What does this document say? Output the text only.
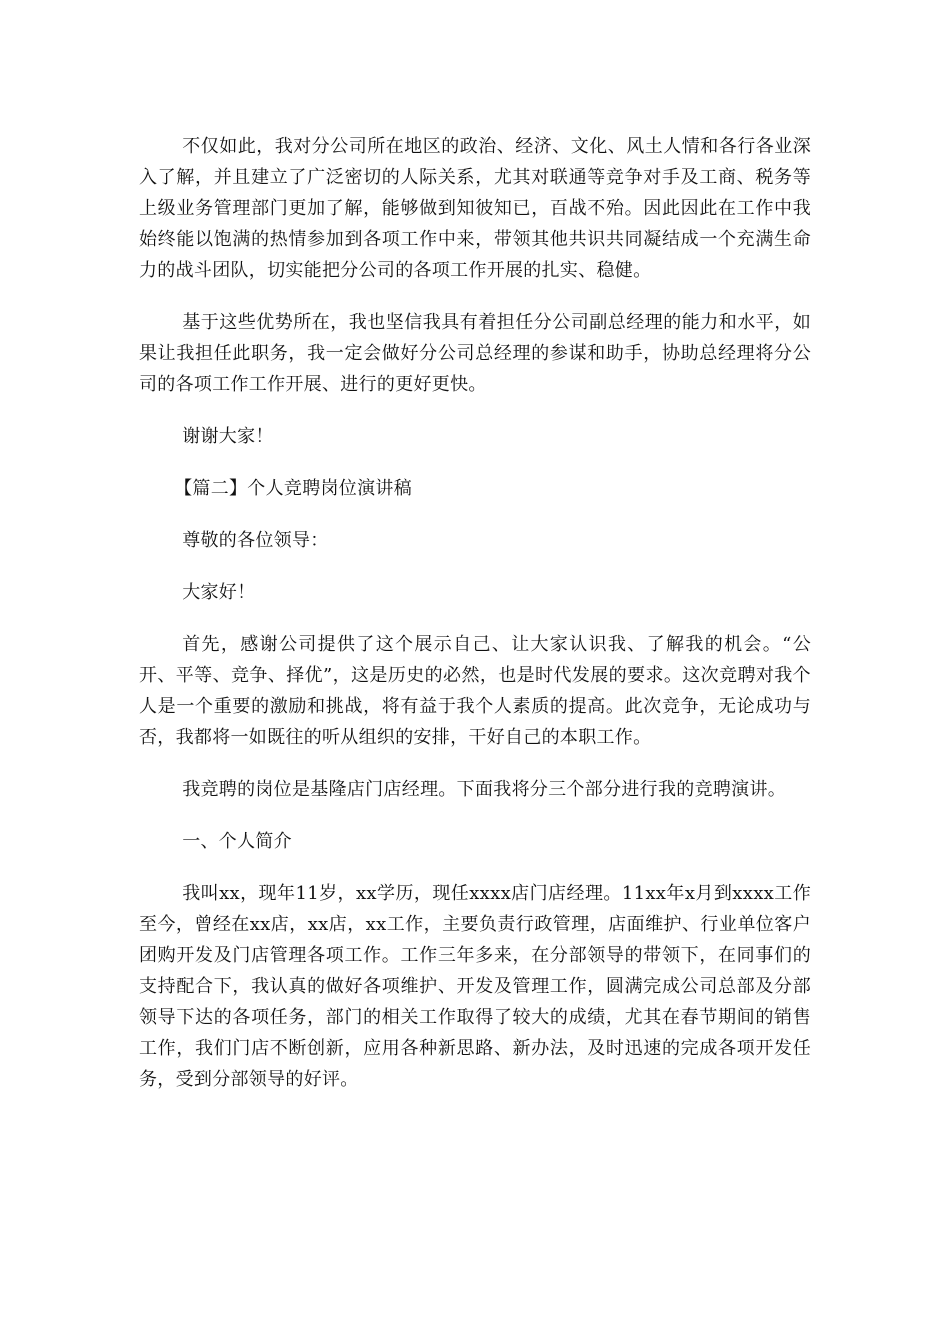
不仅如此，我对分公司所在地区的政治、经济、文化、风土人情和各行各业深入了解，并且建立了广泛密切的人际关系，尤其对联通等竞争对手及工商、税务等上级业务管理部门更加了解，能够做到知彼知已，百战不殆。因此因此在工作中我始终能以饱满的热情参加到各项工作中来，带领其他共识共同凝结成一个充满生命力的战斗团队，切实能把分公司的各项工作开展的扎实、稳健。

基于这些优势所在，我也坚信我具有着担任分公司副总经理的能力和水平，如果让我担任此职务，我一定会做好分公司总经理的参谋和助手，协助总经理将分公司的各项工作工作开展、进行的更好更快。

谢谢大家！

【篇二】个人竞聘岗位演讲稿

尊敬的各位领导：

大家好！

首先，感谢公司提供了这个展示自己、让大家认识我、了解我的机会。“公开、平等、竞争、择优”，这是历史的必然，也是时代发展的要求。这次竞聘对我个人是一个重要的激励和挑战，将有益于我个人素质的提高。此次竞争，无论成功与否，我都将一如既往的听从组织的安排，干好自己的本职工作。

我竞聘的岗位是基隆店门店经理。下面我将分三个部分进行我的竞聘演讲。

一、个人简介

我叫xx，现年11岁，xx学历，现任xxxx店门店经理。11xx年x月到xxxx工作至今，曾经在xx店，xx店，xx工作，主要负责行政管理，店面维护、行业单位客户团购开发及门店管理各项工作。工作三年多来，在分部领导的带领下，在同事们的支持配合下，我认真的做好各项维护、开发及管理工作，圆满完成公司总部及分部领导下达的各项任务，部门的相关工作取得了较大的成绩，尤其在春节期间的销售工作，我们门店不断创新，应用各种新思路、新办法，及时迅速的完成各项开发任务，受到分部领导的好评。
